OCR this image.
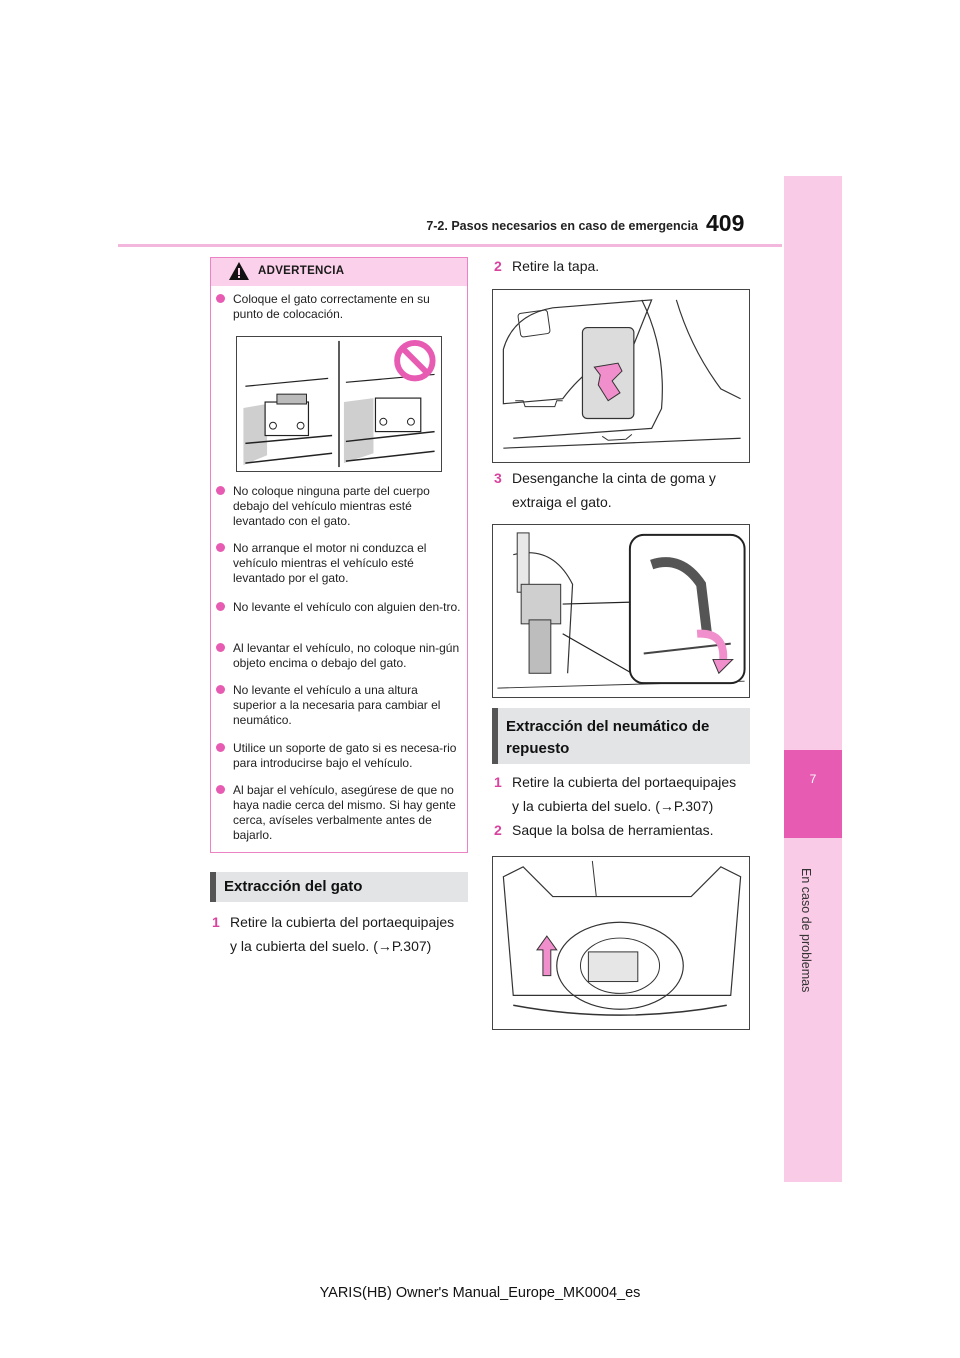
7-2. Pasos necesarios en caso de emergencia 409
7
En caso de problemas
ADVERTENCIA
Coloque el gato correctamente en su punto de colocación.
No coloque ninguna parte del cuerpo debajo del vehículo mientras esté levantado con el gato.
No arranque el motor ni conduzca el vehículo mientras el vehículo esté levantado por el gato.
No levante el vehículo con alguien den-tro.
Al levantar el vehículo, no coloque nin-gún objeto encima o debajo del gato.
No levante el vehículo a una altura superior a la necesaria para cambiar el neumático.
Utilice un soporte de gato si es necesa-rio para introducirse bajo el vehículo.
Al bajar el vehículo, asegúrese de que no haya nadie cerca del mismo. Si hay gente cerca, avíseles verbalmente antes de bajarlo.
Extracción del gato
1 Retire la cubierta del portaequipajes
y la cubierta del suelo. (→P.307)
2 Retire la tapa.
3 Desenganche la cinta de goma y
extraiga el gato.
Extracción del neumático de
repuesto
1 Retire la cubierta del portaequipajes
y la cubierta del suelo. (→P.307)
2 Saque la bolsa de herramientas.
YARIS(HB) Owner's Manual_Europe_MK0004_es
